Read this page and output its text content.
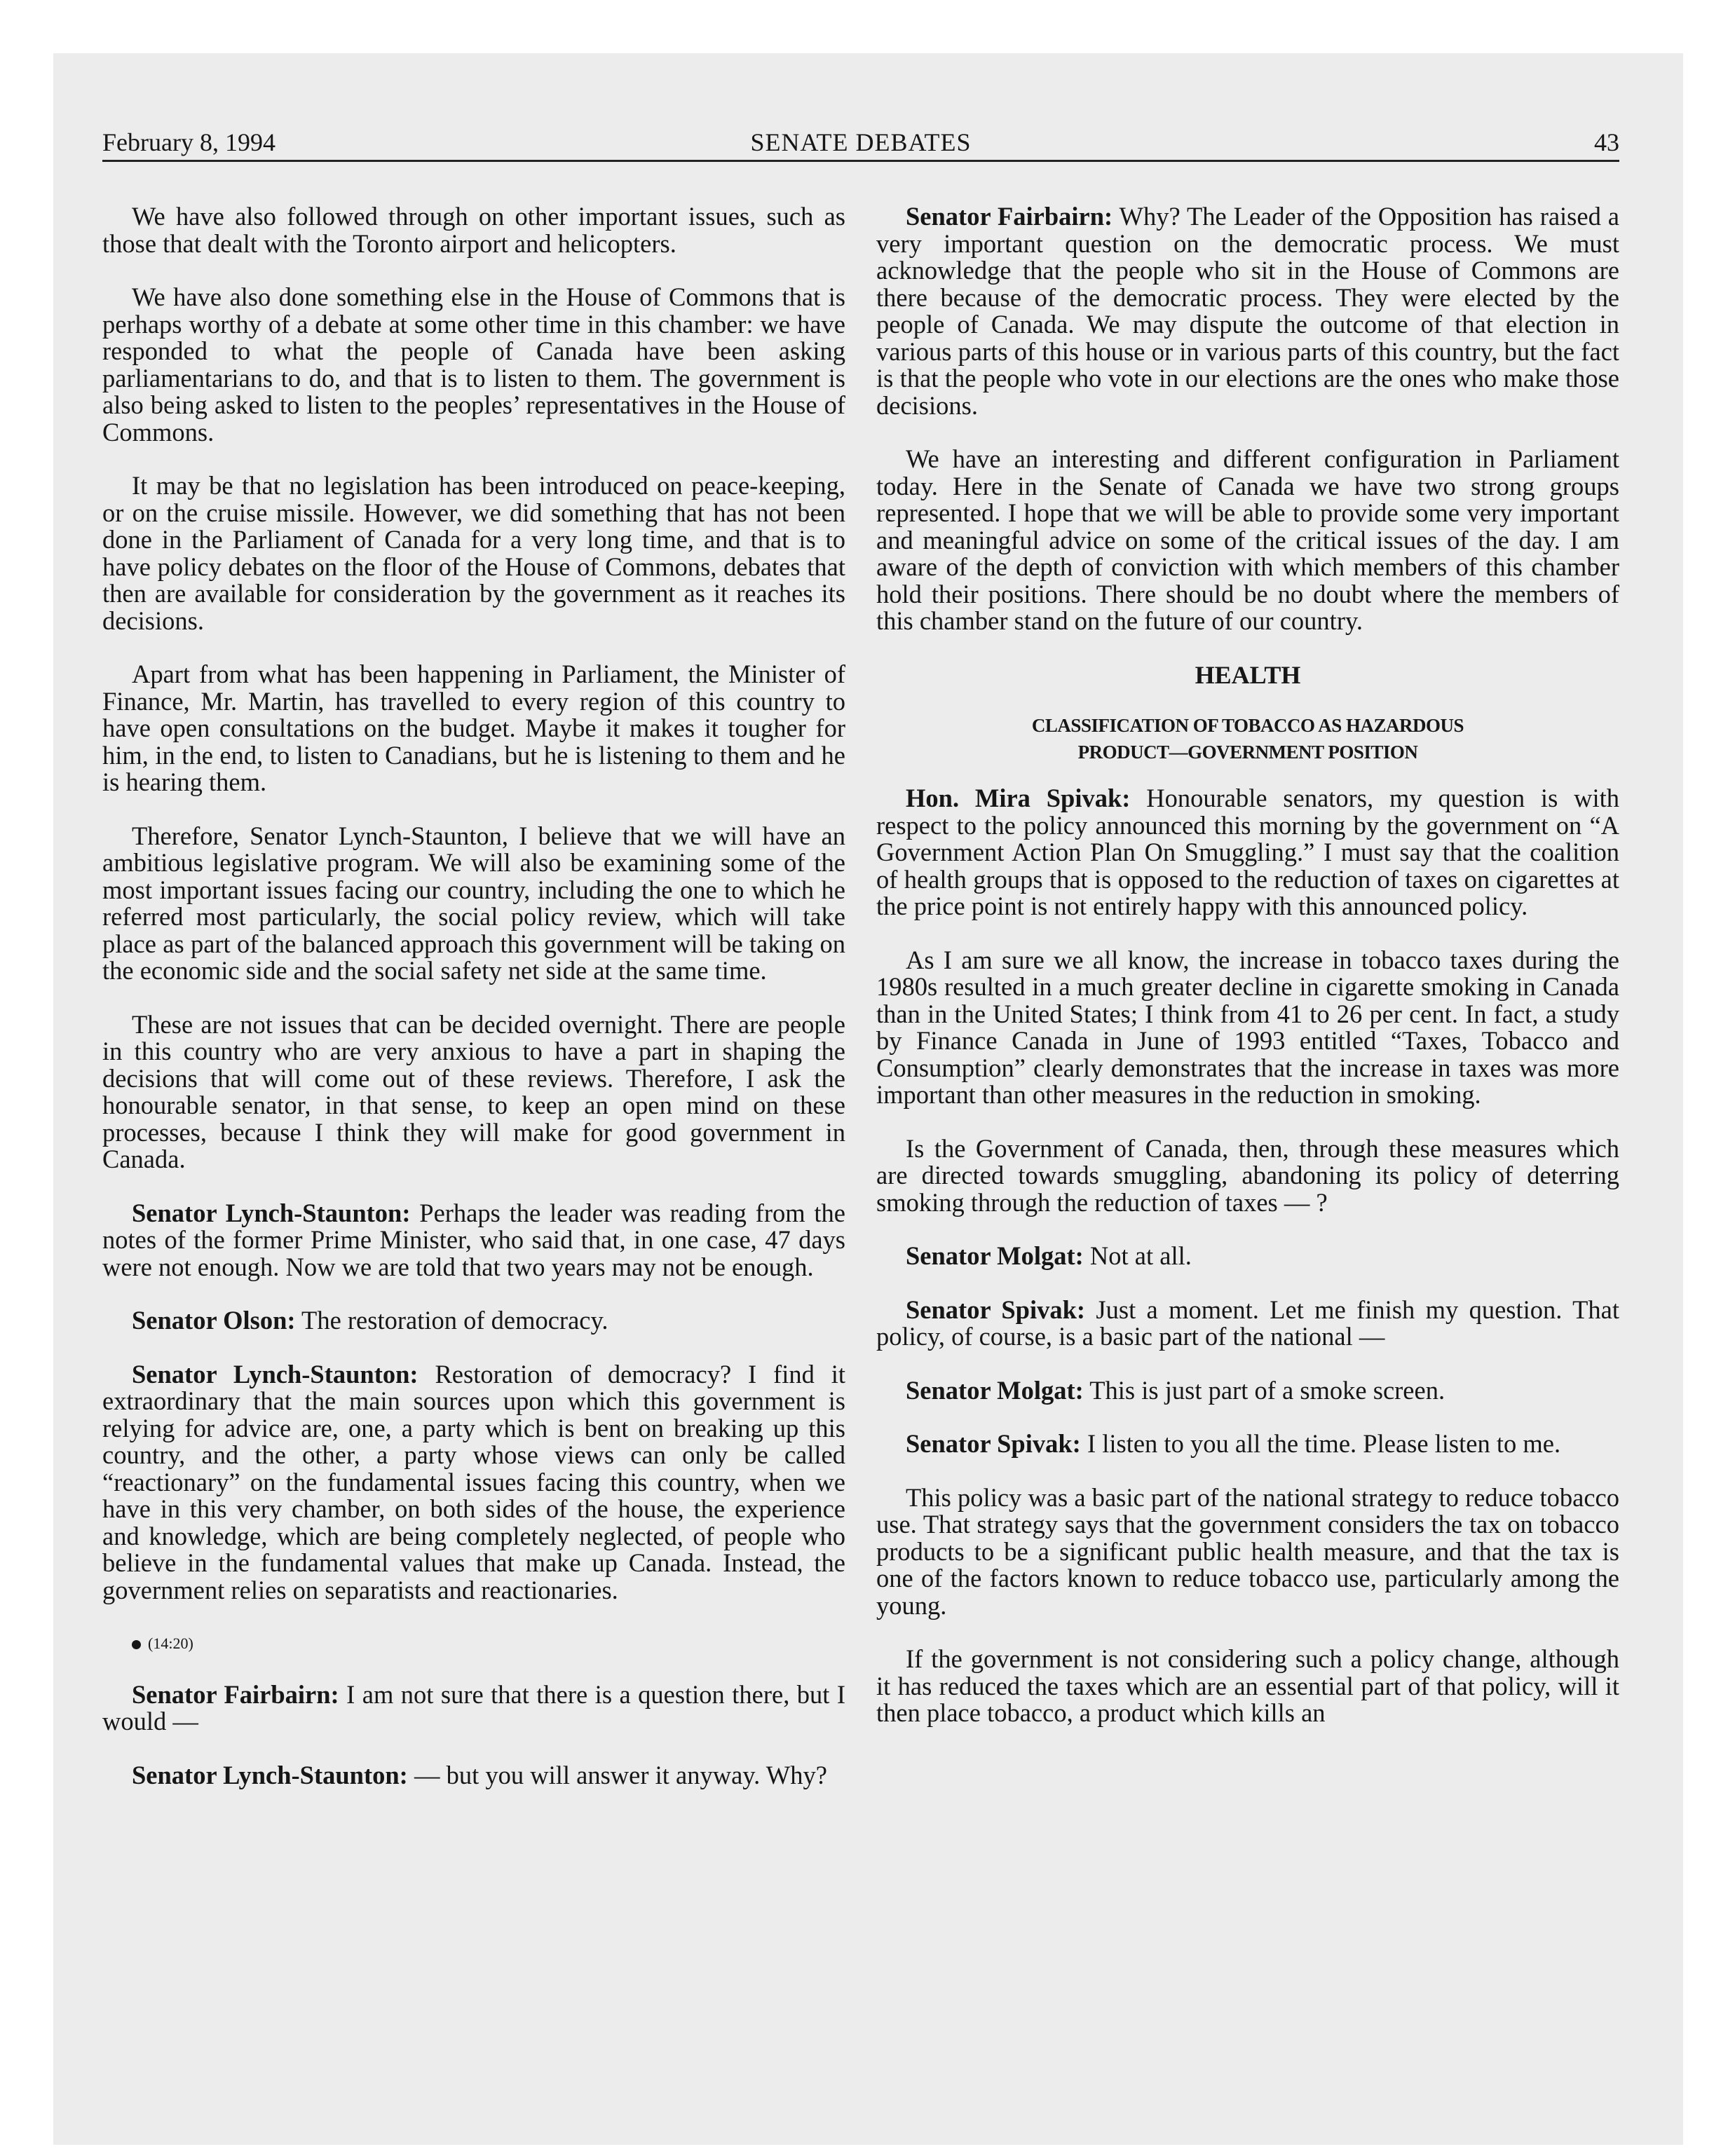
February 8, 1994	SENATE DEBATES	43

We have also followed through on other important issues, such as those that dealt with the Toronto airport and helicopters.

We have also done something else in the House of Commons that is perhaps worthy of a debate at some other time in this chamber: we have responded to what the people of Canada have been asking parliamentarians to do, and that is to listen to them. The government is also being asked to listen to the peoples’ representatives in the House of Commons.

It may be that no legislation has been introduced on peace-keeping, or on the cruise missile. However, we did something that has not been done in the Parliament of Canada for a very long time, and that is to have policy debates on the floor of the House of Commons, debates that then are available for consideration by the government as it reaches its decisions.

Apart from what has been happening in Parliament, the Minister of Finance, Mr. Martin, has travelled to every region of this country to have open consultations on the budget. Maybe it makes it tougher for him, in the end, to listen to Canadians, but he is listening to them and he is hearing them.

Therefore, Senator Lynch-Staunton, I believe that we will have an ambitious legislative program. We will also be examining some of the most important issues facing our country, including the one to which he referred most particularly, the social policy review, which will take place as part of the balanced approach this government will be taking on the economic side and the social safety net side at the same time.

These are not issues that can be decided overnight. There are people in this country who are very anxious to have a part in shaping the decisions that will come out of these reviews. Therefore, I ask the honourable senator, in that sense, to keep an open mind on these processes, because I think they will make for good government in Canada.

Senator Lynch-Staunton: Perhaps the leader was reading from the notes of the former Prime Minister, who said that, in one case, 47 days were not enough. Now we are told that two years may not be enough.

Senator Olson: The restoration of democracy.

Senator Lynch-Staunton: Restoration of democracy? I find it extraordinary that the main sources upon which this government is relying for advice are, one, a party which is bent on breaking up this country, and the other, a party whose views can only be called “reactionary” on the fundamental issues facing this country, when we have in this very chamber, on both sides of the house, the experience and knowledge, which are being completely neglected, of people who believe in the fundamental values that make up Canada. Instead, the government relies on separatists and reactionaries.

(14:20)

Senator Fairbairn: I am not sure that there is a question there, but I would —

Senator Lynch-Staunton: — but you will answer it anyway. Why?

Senator Fairbairn: Why? The Leader of the Opposition has raised a very important question on the democratic process. We must acknowledge that the people who sit in the House of Commons are there because of the democratic process. They were elected by the people of Canada. We may dispute the outcome of that election in various parts of this house or in various parts of this country, but the fact is that the people who vote in our elections are the ones who make those decisions.

We have an interesting and different configuration in Parliament today. Here in the Senate of Canada we have two strong groups represented. I hope that we will be able to provide some very important and meaningful advice on some of the critical issues of the day. I am aware of the depth of conviction with which members of this chamber hold their positions. There should be no doubt where the members of this chamber stand on the future of our country.

HEALTH
CLASSIFICATION OF TOBACCO AS HAZARDOUS
PRODUCT—GOVERNMENT POSITION

Hon. Mira Spivak: Honourable senators, my question is with respect to the policy announced this morning by the government on “A Government Action Plan On Smuggling.” I must say that the coalition of health groups that is opposed to the reduction of taxes on cigarettes at the price point is not entirely happy with this announced policy.

As I am sure we all know, the increase in tobacco taxes during the 1980s resulted in a much greater decline in cigarette smoking in Canada than in the United States; I think from 41 to 26 per cent. In fact, a study by Finance Canada in June of 1993 entitled “Taxes, Tobacco and Consumption” clearly demonstrates that the increase in taxes was more important than other measures in the reduction in smoking.

Is the Government of Canada, then, through these measures which are directed towards smuggling, abandoning its policy of deterring smoking through the reduction of taxes — ?

Senator Molgat: Not at all.

Senator Spivak: Just a moment. Let me finish my question. That policy, of course, is a basic part of the national —

Senator Molgat: This is just part of a smoke screen.

Senator Spivak: I listen to you all the time. Please listen to me.

This policy was a basic part of the national strategy to reduce tobacco use. That strategy says that the government considers the tax on tobacco products to be a significant public health measure, and that the tax is one of the factors known to reduce tobacco use, particularly among the young.

If the government is not considering such a policy change, although it has reduced the taxes which are an essential part of that policy, will it then place tobacco, a product which kills an
